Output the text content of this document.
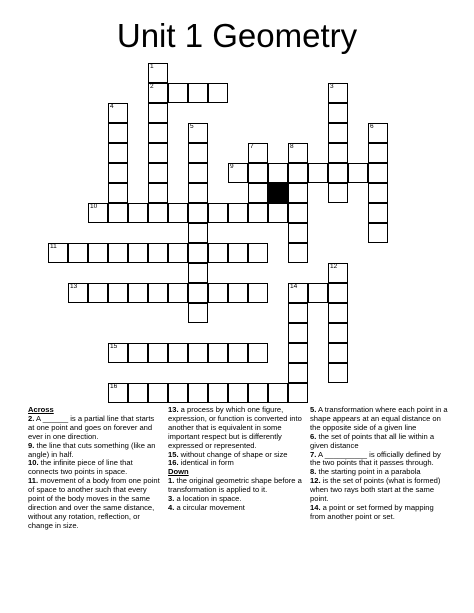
Unit 1 Geometry
1
2	3
4
5	6
7	8
9
10
11
12
13	14
15
16
Across
2. A ______ is a partial line that starts at one point and goes on forever and ever in one direction.
9. the line that cuts something (like an angle) in half.
10. the infinite piece of line that connects two points in space.
11. movement of a body from one point of space to another such that every point of the body moves in the same direction and over the same distance, without any rotation, reflection, or change in size.
13. a process by which one figure, expression, or function is converted into another that is equivalent in some important respect but is differently expressed or represented.
15. without change of shape or size
16. identical in form
Down
1. the original geometric shape before a transformation is applied to it.
3. a location in space.
4. a circular movement
5. A transformation where each point in a shape appears at an equal distance on the opposite side of a given line
6. the set of points that all lie within a given distance
7. A __________ is officially defined by the two points that it passes through.
8. the starting point in a parabola
12. is the set of points (what is formed) when two rays both start at the same point.
14. a point or set formed by mapping from another point or set.
